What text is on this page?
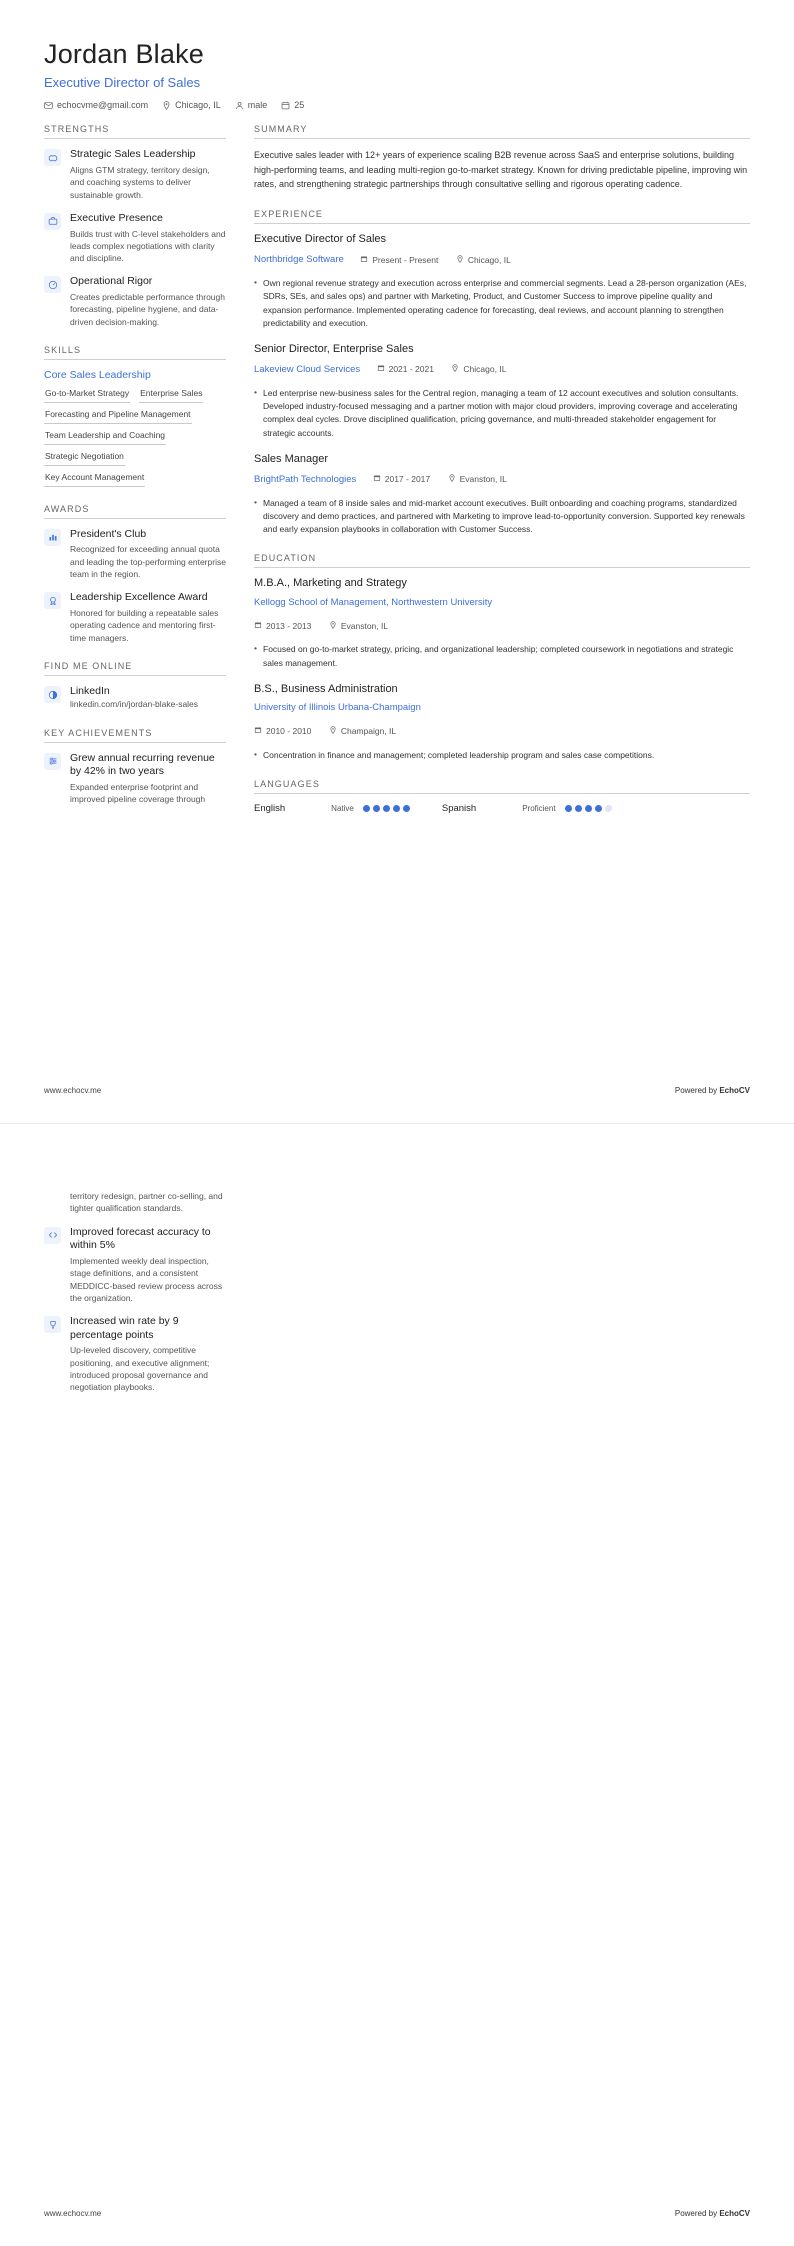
Jordan Blake
Executive Director of Sales
echocvme@gmail.com	Chicago, IL	male	25
STRENGTHS
Strategic Sales Leadership
Aligns GTM strategy, territory design, and coaching systems to deliver sustainable growth.
Executive Presence
Builds trust with C-level stakeholders and leads complex negotiations with clarity and discipline.
Operational Rigor
Creates predictable performance through forecasting, pipeline hygiene, and data-driven decision-making.
SKILLS
Core Sales Leadership
Go-to-Market Strategy Enterprise Sales
Forecasting and Pipeline Management
Team Leadership and Coaching
Strategic Negotiation
Key Account Management
AWARDS
President's Club
Recognized for exceeding annual quota and leading the top-performing enterprise team in the region.
Leadership Excellence Award
Honored for building a repeatable sales operating cadence and mentoring first-time managers.
FIND ME ONLINE
LinkedIn
linkedin.com/in/jordan-blake-sales
KEY ACHIEVEMENTS
Grew annual recurring revenue by 42% in two years
Expanded enterprise footprint and improved pipeline coverage through
SUMMARY

Executive sales leader with 12+ years of experience scaling B2B revenue across SaaS and enterprise solutions, building high-performing teams, and leading multi-region go-to-market strategy. Known for driving predictable pipeline, improving win rates, and strengthening strategic partnerships through consultative selling and rigorous operating cadence.

EXPERIENCE
Executive Director of Sales
Northbridge Software	Present - Present
	Chicago, IL
• Own regional revenue strategy and execution across enterprise and commercial segments. Lead a 28-person organization (AEs, SDRs, SEs, and sales ops) and partner with Marketing, Product, and Customer Success to improve pipeline quality and expansion performance. Implemented operating cadence for forecasting, deal reviews, and account planning to strengthen predictability and execution.
Senior Director, Enterprise Sales
Lakeview Cloud Services	2021 - 2021
	Chicago, IL
• Led enterprise new-business sales for the Central region, managing a team of 12 account executives and solution consultants. Developed industry-focused messaging and a partner motion with major cloud providers, improving coverage and accelerating complex deal cycles. Drove disciplined qualification, pricing governance, and multi-threaded stakeholder engagement for strategic accounts.
Sales Manager
BrightPath Technologies	2017 - 2017
	Evanston, IL
• Managed a team of 8 inside sales and mid-market account executives. Built onboarding and coaching programs, standardized discovery and demo practices, and partnered with Marketing to improve lead-to-opportunity conversion. Supported key renewals and early expansion playbooks in collaboration with Customer Success.
EDUCATION
M.B.A., Marketing and Strategy
Kellogg School of Management, Northwestern University
2013 - 2013
	Evanston, IL
• Focused on go-to-market strategy, pricing, and organizational leadership; completed coursework in negotiations and strategic sales management.
B.S., Business Administration
University of Illinois Urbana-Champaign
2010 - 2010
	Champaign, IL
• Concentration in finance and management; completed leadership program and sales case competitions.
LANGUAGES
English	Native	Spanish	Proficient
www.echocv.me	Powered by EchoCV
territory redesign, partner co-selling, and tighter qualification standards.
Improved forecast accuracy to within 5%
Implemented weekly deal inspection, stage definitions, and a consistent MEDDICC-based review process across the organization.
Increased win rate by 9 percentage points
Up-leveled discovery, competitive positioning, and executive alignment; introduced proposal governance and negotiation playbooks.
www.echocv.me	Powered by EchoCV
